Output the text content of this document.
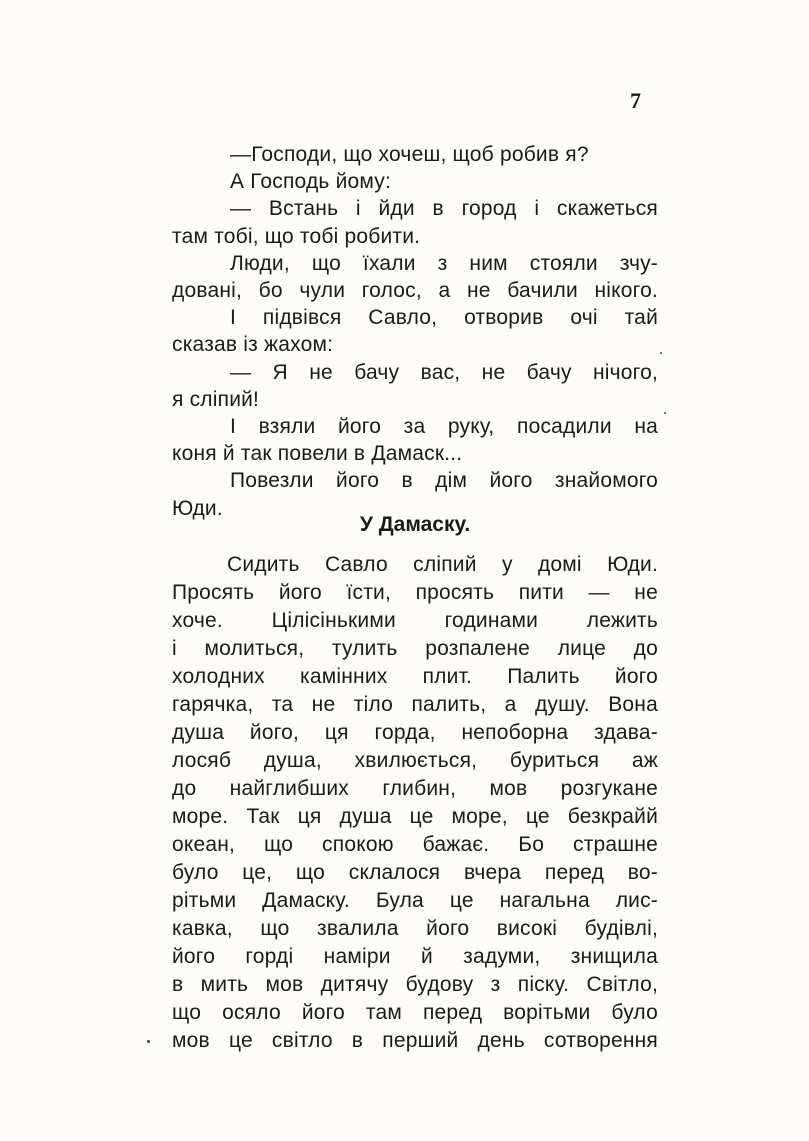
7
—Господи, що хочеш, щоб робив я?
А Господь йому:
— Встань і йди в город і скажеться
там тобі, що тобі робити.
Люди, що їхали з ним стояли зчу-
довані, бо чули голос, а не бачили нікого.
І підвівся Савло, отворив очі тай
сказав із жахом:
— Я не бачу вас, не бачу нічого,
я сліпий!
І взяли його за руку, посадили на
коня й так повели в Дамаск...
Повезли його в дім його знайомого
Юди.
У Дамаску.
Сидить Савло сліпий у домі Юди.
Просять його їсти, просять пити — не
хоче. Цілісінькими годинами лежить
і молиться, тулить розпалене лице до
холодних камінних плит. Палить його
гарячка, та не тіло палить, а душу. Вона
душа його, ця горда, непоборна здава-
лосяб душа, хвилюється, буриться аж
до найглибших глибин, мов розгукане
море. Так ця душа це море, це безкрайй
океан, що спокою бажає. Бо страшне
було це, що склалося вчера перед во-
рітьми Дамаску. Була це нагальна лис-
кавка, що звалила його високі будівлі,
його горді наміри й задуми, знищила
в мить мов дитячу будову з піску. Світло,
що осяло його там перед ворітьми було
мов це світло в перший день сотворення
